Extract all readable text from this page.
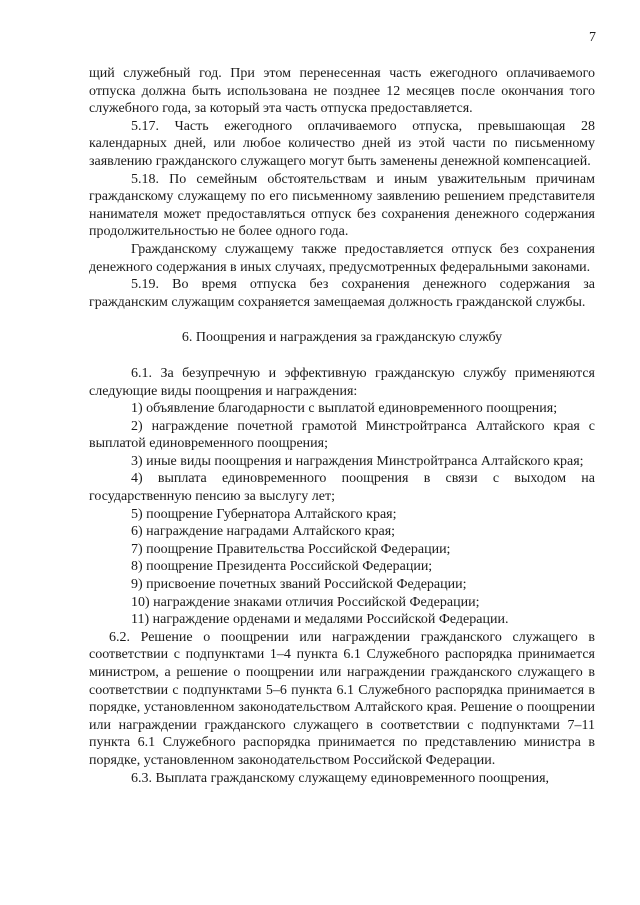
7

щий служебный год. При этом перенесенная часть ежегодного оплачиваемого отпуска должна быть использована не позднее 12 месяцев после окончания того служебного года, за который эта часть отпуска предоставляется.

5.17. Часть ежегодного оплачиваемого отпуска, превышающая 28 календарных дней, или любое количество дней из этой части по письменному заявлению гражданского служащего могут быть заменены денежной компенсацией.

5.18. По семейным обстоятельствам и иным уважительным причинам гражданскому служащему по его письменному заявлению решением представителя нанимателя может предоставляться отпуск без сохранения денежного содержания продолжительностью не более одного года.

Гражданскому служащему также предоставляется отпуск без сохранения денежного содержания в иных случаях, предусмотренных федеральными законами.

5.19. Во время отпуска без сохранения денежного содержания за гражданским служащим сохраняется замещаемая должность гражданской службы.

6. Поощрения и награждения за гражданскую службу

6.1. За безупречную и эффективную гражданскую службу применяются следующие виды поощрения и награждения:

1) объявление благодарности с выплатой единовременного поощрения;

2) награждение почетной грамотой Минстройтранса Алтайского края с выплатой единовременного поощрения;

3) иные виды поощрения и награждения Минстройтранса Алтайского края;

4) выплата единовременного поощрения в связи с выходом на государственную пенсию за выслугу лет;

5) поощрение Губернатора Алтайского края;

6) награждение наградами Алтайского края;

7) поощрение Правительства Российской Федерации;

8) поощрение Президента Российской Федерации;

9) присвоение почетных званий Российской Федерации;

10) награждение знаками отличия Российской Федерации;

11) награждение орденами и медалями Российской Федерации.

6.2. Решение о поощрении или награждении гражданского служащего в соответствии с подпунктами 1–4 пункта 6.1 Служебного распорядка принимается министром, а решение о поощрении или награждении гражданского служащего в соответствии с подпунктами 5–6 пункта 6.1 Служебного распорядка принимается в порядке, установленном законодательством Алтайского края. Решение о поощрении или награждении гражданского служащего в соответствии с подпунктами 7–11 пункта 6.1 Служебного распорядка принимается по представлению министра в порядке, установленном законодательством Российской Федерации.

6.3. Выплата гражданскому служащему единовременного поощрения,
